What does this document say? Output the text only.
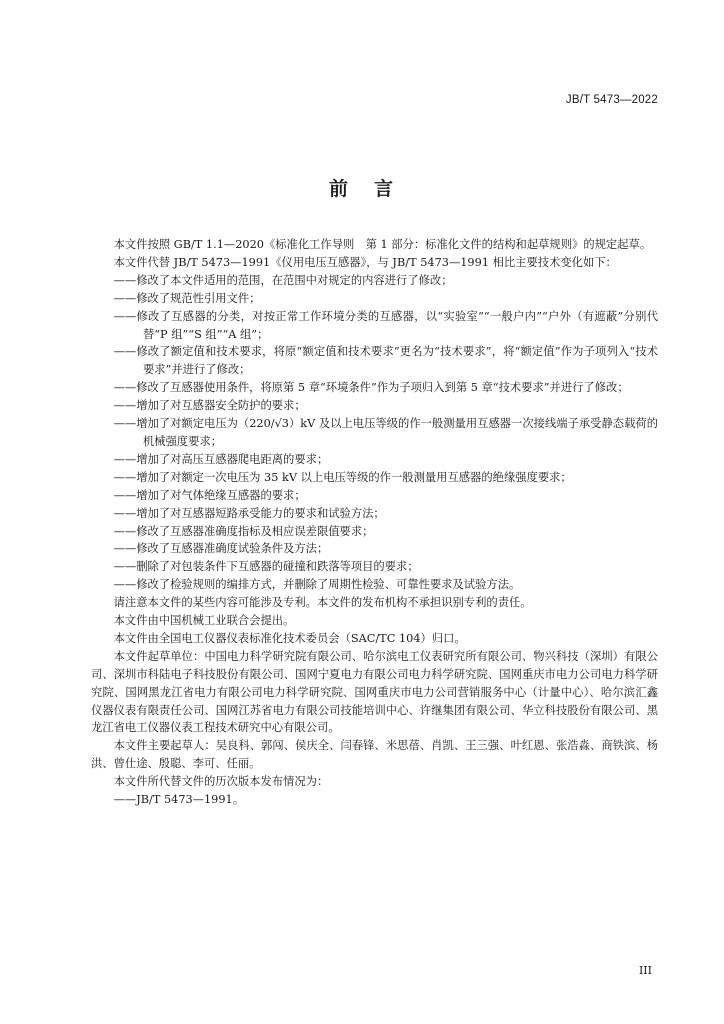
JB/T 5473—2022
前 言

本文件按照 GB/T 1.1—2020《标准化工作导则　第 1 部分：标准化文件的结构和起草规则》的规定起草。

本文件代替 JB/T 5473—1991《仪用电压互感器》，与 JB/T 5473—1991 相比主要技术变化如下：

——修改了本文件适用的范围，在范围中对规定的内容进行了修改；

——修改了规范性引用文件；

——修改了互感器的分类，对按正常工作环境分类的互感器，以“实验室”“一般户内”“户外（有遮蔽”分别代替“P 组”“S 组”“A 组”；

——修改了额定值和技术要求，将原“额定值和技术要求”更名为“技术要求”，将“额定值”作为子项列入“技术要求”并进行了修改；

——修改了互感器使用条件，将原第 5 章“环境条件”作为子项归入到第 5 章“技术要求”并进行了修改；

——增加了对互感器安全防护的要求；

——增加了对额定电压为（220/√3）kV 及以上电压等级的作一般测量用互感器一次接线端子承受静态载荷的机械强度要求；

——增加了对高压互感器爬电距离的要求；

——增加了对额定一次电压为 35 kV 以上电压等级的作一般测量用互感器的绝缘强度要求；

——增加了对气体绝缘互感器的要求；

——增加了对互感器短路承受能力的要求和试验方法；

——修改了互感器准确度指标及相应误差限值要求；

——修改了互感器准确度试验条件及方法；

——删除了对包装条件下互感器的碰撞和跌落等项目的要求；

——修改了检验规则的编排方式，并删除了周期性检验、可靠性要求及试验方法。

请注意本文件的某些内容可能涉及专利。本文件的发布机构不承担识别专利的责任。

本文件由中国机械工业联合会提出。

本文件由全国电工仪器仪表标准化技术委员会（SAC/TC 104）归口。

本文件起草单位：中国电力科学研究院有限公司、哈尔滨电工仪表研究所有限公司、物兴科技（深圳）有限公司、深圳市科陆电子科技股份有限公司、国网宁夏电力有限公司电力科学研究院、国网重庆市电力公司电力科学研究院、国网黑龙江省电力有限公司电力科学研究院、国网重庆市电力公司营销服务中心（计量中心）、哈尔滨汇鑫仪器仪表有限责任公司、国网江苏省电力有限公司技能培训中心、许继集团有限公司、华立科技股份有限公司、黑龙江省电工仪器仪表工程技术研究中心有限公司。

本文件主要起草人：吴良科、郭闯、侯庆全、闫春锋、米思蓓、肖凯、王三强、叶红恩、张浩淼、商铁滨、杨洪、曾仕途、殷聪、李可、任丽。

本文件所代替文件的历次版本发布情况为：

——JB/T 5473—1991。

III
